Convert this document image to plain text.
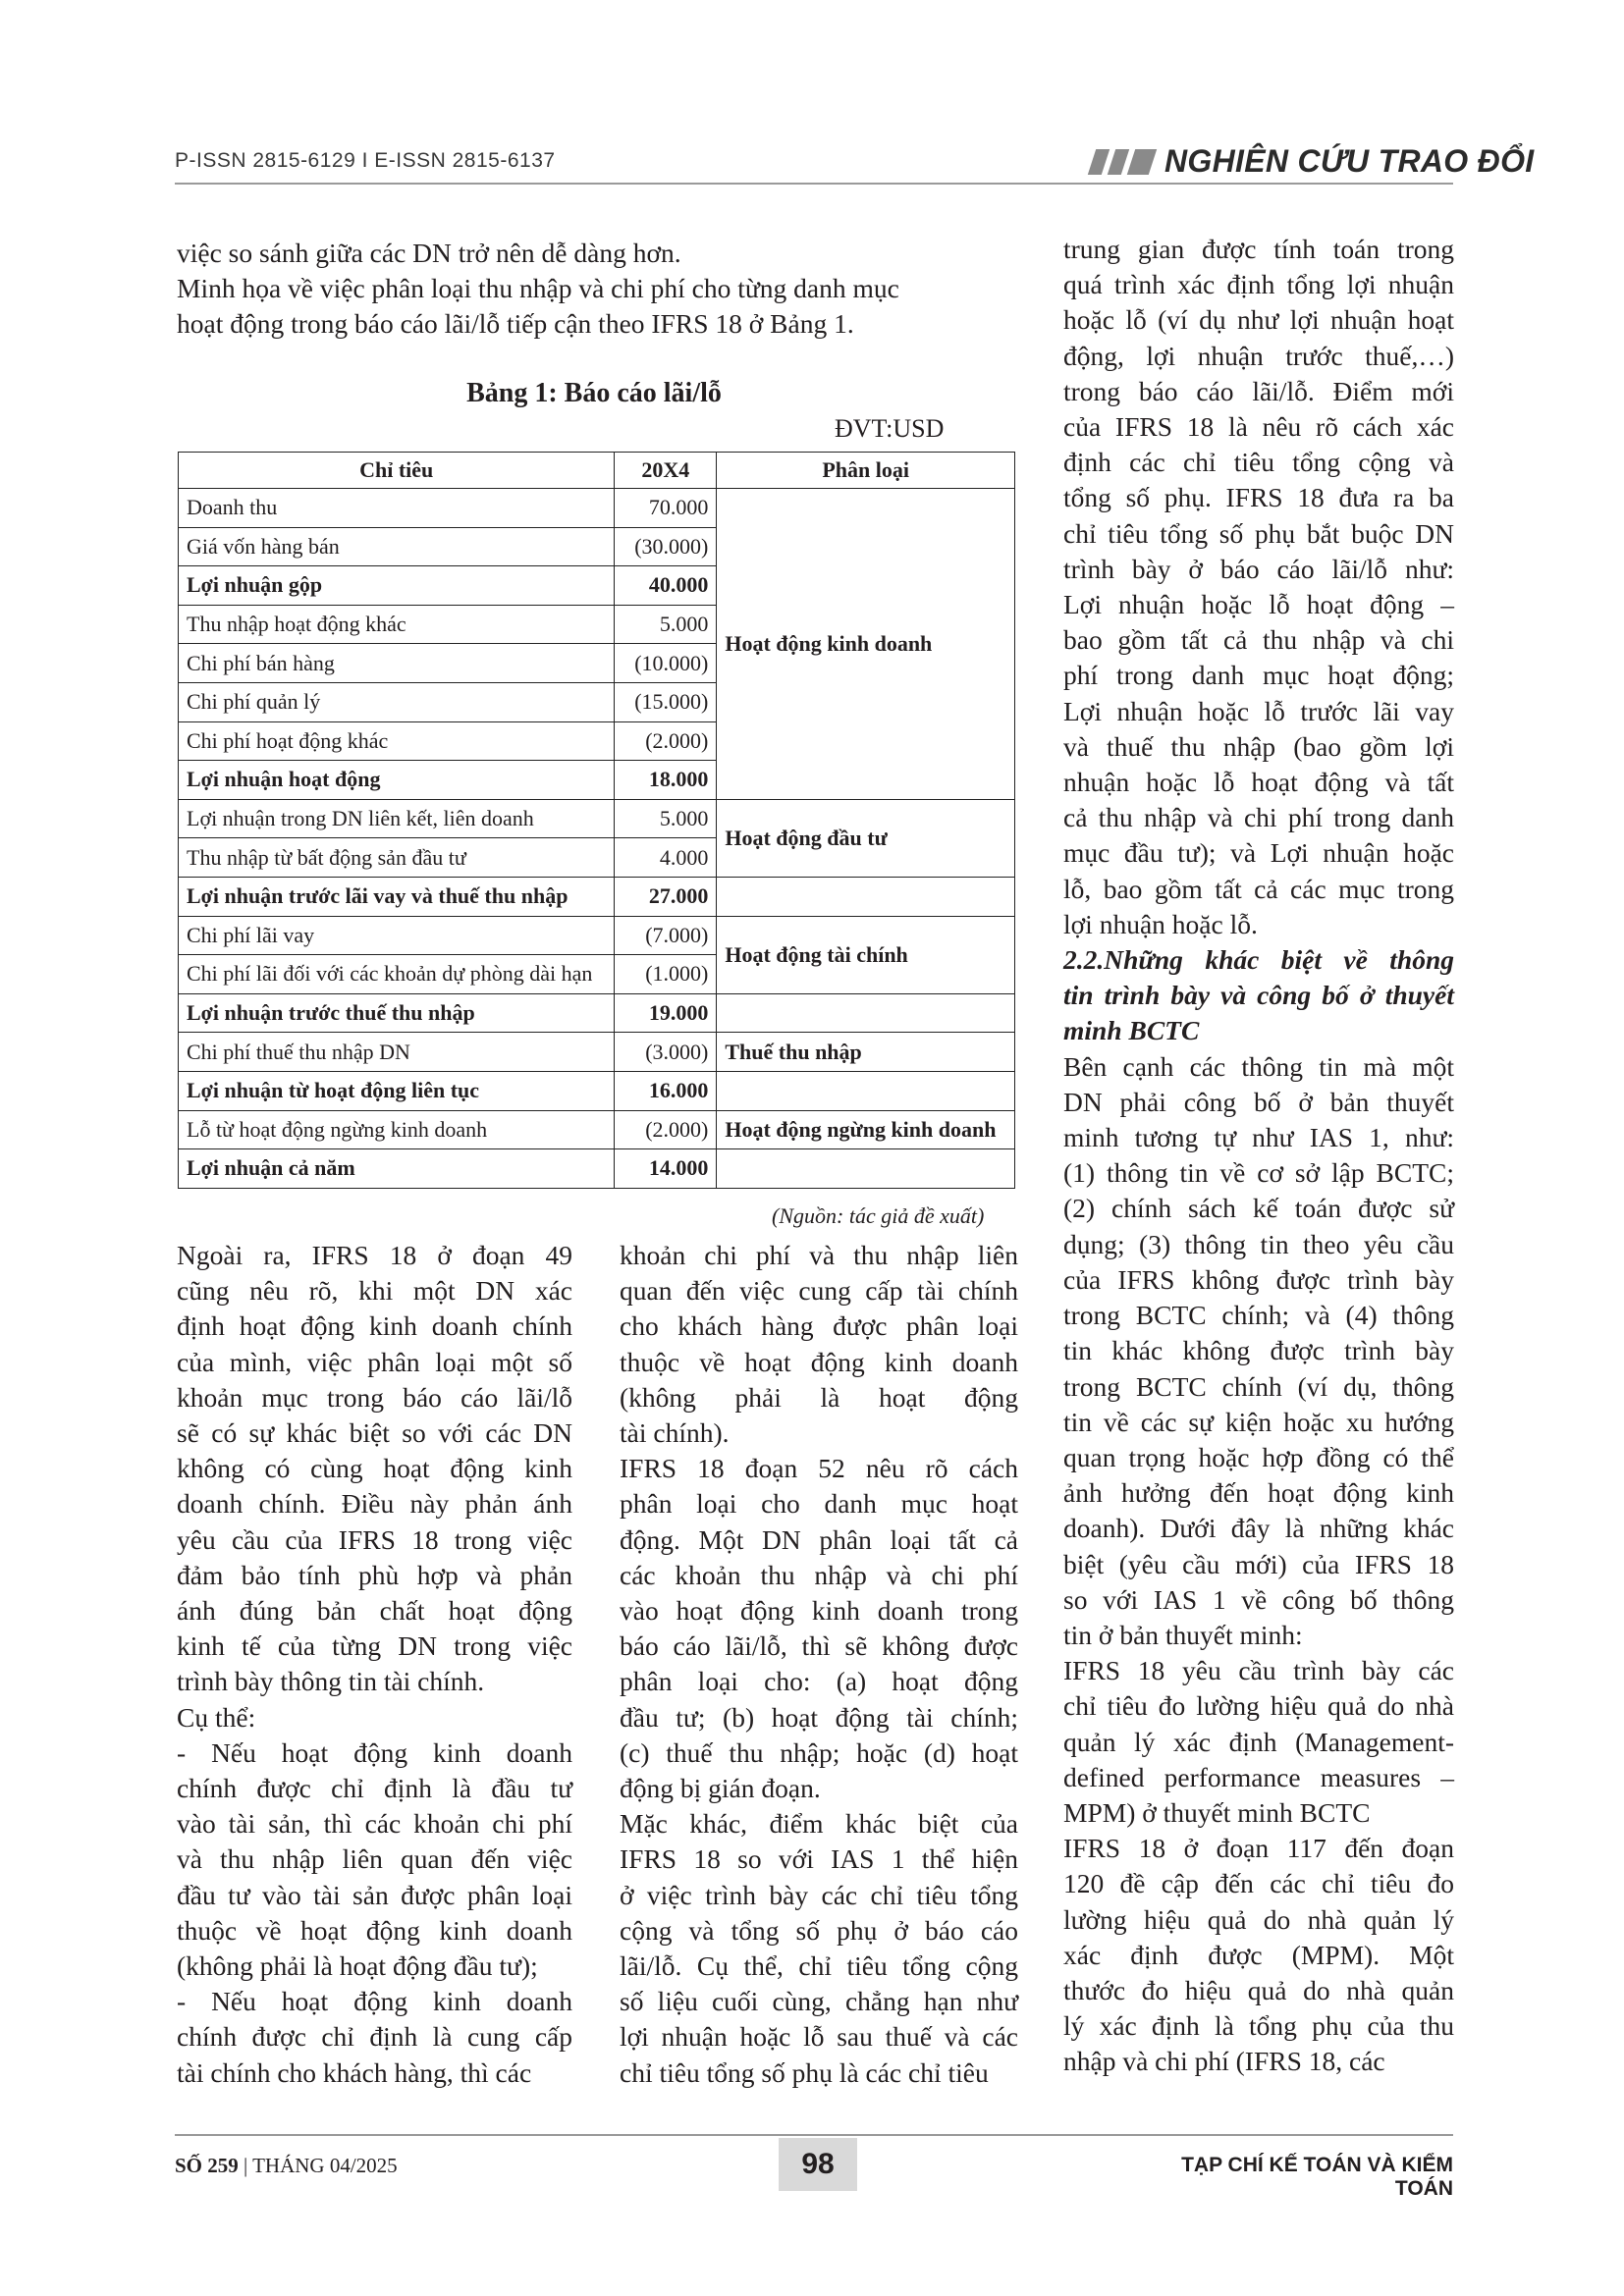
P-ISSN 2815-6129 I E-ISSN 2815-6137	NGHIÊN CỨU TRAO ĐỔI

việc so sánh giữa các DN trở nên dễ dàng hơn.

Minh họa về việc phân loại thu nhập và chi phí cho từng danh mục

hoạt động trong báo cáo lãi/lỗ tiếp cận theo IFRS 18 ở Bảng 1.

Bảng 1: Báo cáo lãi/lỗ
ĐVT:USD
Chỉ tiêu	20X4	Phân loại
Doanh thu	70.000	Hoạt động kinh doanh
Giá vốn hàng bán	(30.000)	
Lợi nhuận gộp	40.000	
Thu nhập hoạt động khác	5.000	
Chi phí bán hàng	(10.000)	
Chi phí quản lý	(15.000)	
Chi phí hoạt động khác	(2.000)	
Lợi nhuận hoạt động	18.000	
Lợi nhuận trong DN liên kết, liên doanh	5.000	Hoạt động đầu tư
Thu nhập từ bất động sản đầu tư	4.000	
Lợi nhuận trước lãi vay và thuế thu nhập	27.000	
Chi phí lãi vay	(7.000)	Hoạt động tài chính
Chi phí lãi đối với các khoản dự phòng dài hạn	(1.000)	
Lợi nhuận trước thuế thu nhập	19.000	
Chi phí thuế thu nhập DN	(3.000)	Thuế thu nhập
Lợi nhuận từ hoạt động liên tục	16.000	
Lỗ từ hoạt động ngừng kinh doanh	(2.000)	Hoạt động ngừng kinh doanh
Lợi nhuận cả năm	14.000	
(Nguồn: tác giả đề xuất)

Ngoài ra, IFRS 18 ở đoạn 49

cũng nêu rõ, khi một DN xác

định hoạt động kinh doanh chính

của mình, việc phân loại một số

khoản mục trong báo cáo lãi/lỗ

sẽ có sự khác biệt so với các DN

không có cùng hoạt động kinh

doanh chính. Điều này phản ánh

yêu cầu của IFRS 18 trong việc

đảm bảo tính phù hợp và phản

ánh đúng bản chất hoạt động

kinh tế của từng DN trong việc

trình bày thông tin tài chính.

Cụ thể:

- Nếu hoạt động kinh doanh

chính được chỉ định là đầu tư

vào tài sản, thì các khoản chi phí

và thu nhập liên quan đến việc

đầu tư vào tài sản được phân loại

thuộc về hoạt động kinh doanh

(không phải là hoạt động đầu tư);

- Nếu hoạt động kinh doanh

chính được chỉ định là cung cấp

tài chính cho khách hàng, thì các

khoản chi phí và thu nhập liên

quan đến việc cung cấp tài chính

cho khách hàng được phân loại

thuộc về hoạt động kinh doanh

(không phải là hoạt động

tài chính).

IFRS 18 đoạn 52 nêu rõ cách

phân loại cho danh mục hoạt

động. Một DN phân loại tất cả

các khoản thu nhập và chi phí

vào hoạt động kinh doanh trong

báo cáo lãi/lỗ, thì sẽ không được

phân loại cho: (a) hoạt động

đầu tư; (b) hoạt động tài chính;

(c) thuế thu nhập; hoặc (d) hoạt

động bị gián đoạn.

Mặc khác, điểm khác biệt của

IFRS 18 so với IAS 1 thể hiện

ở việc trình bày các chỉ tiêu tổng

cộng và tổng số phụ ở báo cáo

lãi/lỗ. Cụ thể, chỉ tiêu tổng cộng

số liệu cuối cùng, chẳng hạn như

lợi nhuận hoặc lỗ sau thuế và các

chỉ tiêu tổng số phụ là các chỉ tiêu

trung gian được tính toán trong

quá trình xác định tổng lợi nhuận

hoặc lỗ (ví dụ như lợi nhuận hoạt

động, lợi nhuận trước thuế,…)

trong báo cáo lãi/lỗ. Điểm mới

của IFRS 18 là nêu rõ cách xác

định các chỉ tiêu tổng cộng và

tổng số phụ. IFRS 18 đưa ra ba

chỉ tiêu tổng số phụ bắt buộc DN

trình bày ở báo cáo lãi/lỗ như:

Lợi nhuận hoặc lỗ hoạt động –

bao gồm tất cả thu nhập và chi

phí trong danh mục hoạt động;

Lợi nhuận hoặc lỗ trước lãi vay

và thuế thu nhập (bao gồm lợi

nhuận hoặc lỗ hoạt động và tất

cả thu nhập và chi phí trong danh

mục đầu tư); và Lợi nhuận hoặc

lỗ, bao gồm tất cả các mục trong

lợi nhuận hoặc lỗ.

2.2.Những khác biệt về thông

tin trình bày và công bố ở thuyết

minh BCTC

Bên cạnh các thông tin mà một

DN phải công bố ở bản thuyết

minh tương tự như IAS 1, như:

(1) thông tin về cơ sở lập BCTC;

(2) chính sách kế toán được sử

dụng; (3) thông tin theo yêu cầu

của IFRS không được trình bày

trong BCTC chính; và (4) thông

tin khác không được trình bày

trong BCTC chính (ví dụ, thông

tin về các sự kiện hoặc xu hướng

quan trọng hoặc hợp đồng có thể

ảnh hưởng đến hoạt động kinh

doanh). Dưới đây là những khác

biệt (yêu cầu mới) của IFRS 18

so với IAS 1 về công bố thông

tin ở bản thuyết minh:

IFRS 18 yêu cầu trình bày các

chỉ tiêu đo lường hiệu quả do nhà

quản lý xác định (Management-

defined performance measures –

MPM) ở thuyết minh BCTC

IFRS 18 ở đoạn 117 đến đoạn

120 đề cập đến các chỉ tiêu đo

lường hiệu quả do nhà quản lý

xác định được (MPM). Một

thước đo hiệu quả do nhà quản

lý xác định là tổng phụ của thu

nhập và chi phí (IFRS 18, các

SỐ 259 | THÁNG 04/2025	98	TẠP CHÍ KẾ TOÁN VÀ KIỂM TOÁN
